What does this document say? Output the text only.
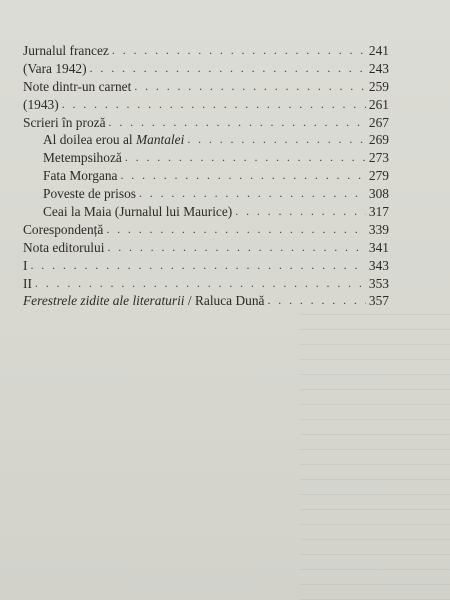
Jurnalul francez . . .	241
(Vara 1942) . . .	243
Note dintr-un carnet . . .	259
(1943) . . .	261
Scrieri în proză . . .	267
Al doilea erou al Mantalei . . .	269
Metempsihoză . . .	273
Fata Morgana . . .	279
Poveste de prisos . . .	308
Ceai la Maia (Jurnalul lui Maurice) . . .	317
Corespondență . . .	339
Nota editorului . . .	341
I . . .	343
II . . .	353
Ferestrele zidite ale literaturii / Raluca Dună . . .	357
